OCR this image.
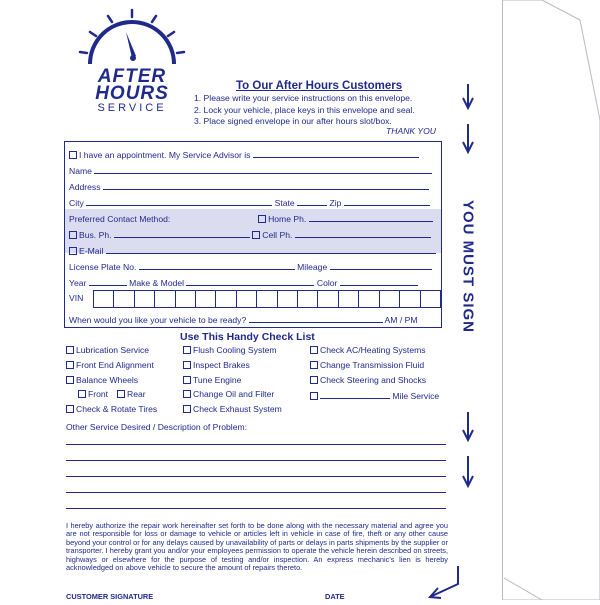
AFTER
HOURS
SERVICE
To Our After Hours Customers
1. Please write your service instructions on this envelope.
2. Lock your vehicle, place keys in this envelope and seal.
3. Place signed envelope in our after hours slot/box.
THANK YOU
I have an appointment. My Service Advisor is
Name
Address
City	State	Zip
Preferred Contact Method:	Home Ph.
Bus. Ph.	Cell Ph.
E-Mail
License Plate No.	Mileage
Year	Make & Model	Color
VIN
When would you like your vehicle to be ready?	AM / PM
Use This Handy Check List
Lubrication Service
Front End Alignment
Balance Wheels
Front	Rear
Check & Rotate Tires
Flush Cooling System
Inspect Brakes
Tune Engine
Change Oil and Filter
Check Exhaust System
Check AC/Heating Systems
Change Transmission Fluid
Check Steering and Shocks
Mile Service
Other Service Desired / Description of Problem:
I hereby authorize the repair work hereinafter set forth to be done along with the necessary material and agree you are not responsible for loss or damage to vehicle or articles left in vehicle in case of fire, theft or any other cause beyond your control or for any delays caused by unavailability of parts or delays in parts shipments by the supplier or transporter. I hereby grant you and/or your employees permission to operate the vehicle herein described on streets, highways or elsewhere for the purpose of testing and/or inspection. An express mechanic's lien is hereby acknowledged on above vehicle to secure the amount of repairs thereto.
CUSTOMER SIGNATURE	DATE
YOU MUST SIGN
